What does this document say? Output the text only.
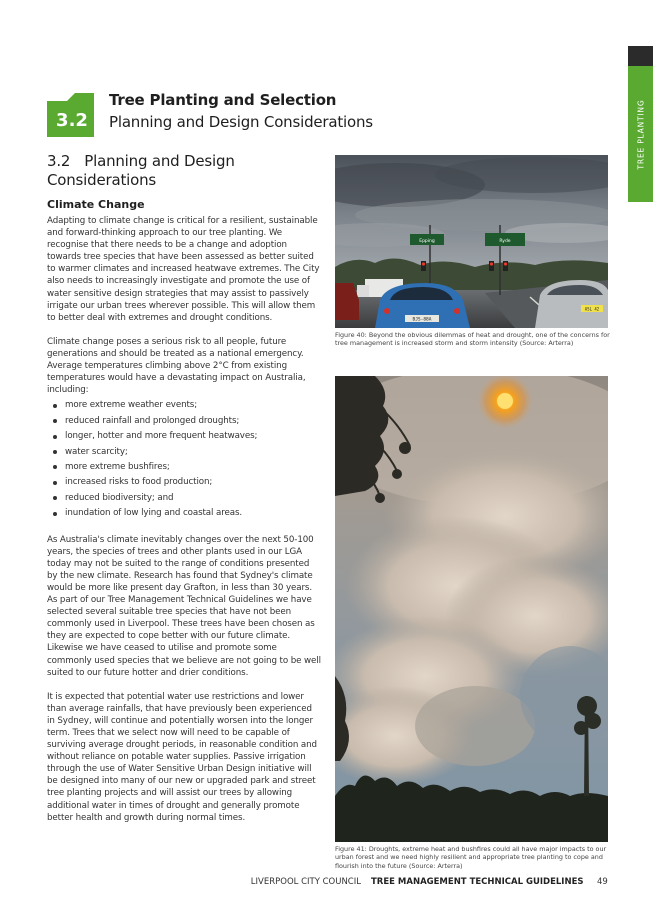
TREE PLANTING
3.2
Tree Planting and Selection
Planning and Design Considerations
3.2 Planning and Design Considerations
Climate Change

Adapting to climate change is critical for a resilient, sustainable and forward-thinking approach to our tree planting. We recognise that there needs to be a change and adoption towards tree species that have been assessed as better suited to warmer climates and increased heatwave extremes. The City also needs to increasingly investigate and promote the use of water sensitive design strategies that may assist to passively irrigate our urban trees wherever possible. This will allow them to better deal with extremes and drought conditions.

Climate change poses a serious risk to all people, future generations and should be treated as a national emergency. Average temperatures climbing above 2°C from existing temperatures would have a devastating impact on Australia, including:

more extreme weather events;
reduced rainfall and prolonged droughts;
longer, hotter and more frequent heatwaves;
water scarcity;
more extreme bushfires;
increased risks to food production;
reduced biodiversity; and
inundation of low lying and coastal areas.

As Australia's climate inevitably changes over the next 50-100 years, the species of trees and other plants used in our LGA today may not be suited to the range of conditions presented by the new climate. Research has found that Sydney's climate would be more like present day Grafton, in less than 30 years. As part of our Tree Management Technical Guidelines we have selected several suitable tree species that have not been commonly used in Liverpool. These trees have been chosen as they are expected to cope better with our future climate. Likewise we have ceased to utilise and promote some commonly used species that we believe are not going to be well suited to our future hotter and drier conditions.

It is expected that potential water use restrictions and lower than average rainfalls, that have previously been experienced in Sydney, will continue and potentially worsen into the longer term. Trees that we select now will need to be capable of surviving average drought periods, in reasonable condition and without reliance on potable water supplies. Passive irrigation through the use of Water Sensitive Urban Design initiative will be designed into many of our new or upgraded park and street tree planting projects and will assist our trees by allowing additional water in times of drought and generally promote better health and growth during normal times.

Epping	Ryde
BJS-88A
ASL 42
Figure 40: Beyond the obvious dilemmas of heat and drought, one of the concerns for tree management is increased storm and storm intensity (Source: Arterra)
Figure 41: Droughts, extreme heat and bushfires could all have major impacts to our urban forest and we need highly resilient and appropriate tree planting to cope and flourish into the future (Source: Arterra)
LIVERPOOL CITY COUNCIL TREE MANAGEMENT TECHNICAL GUIDELINES 49
